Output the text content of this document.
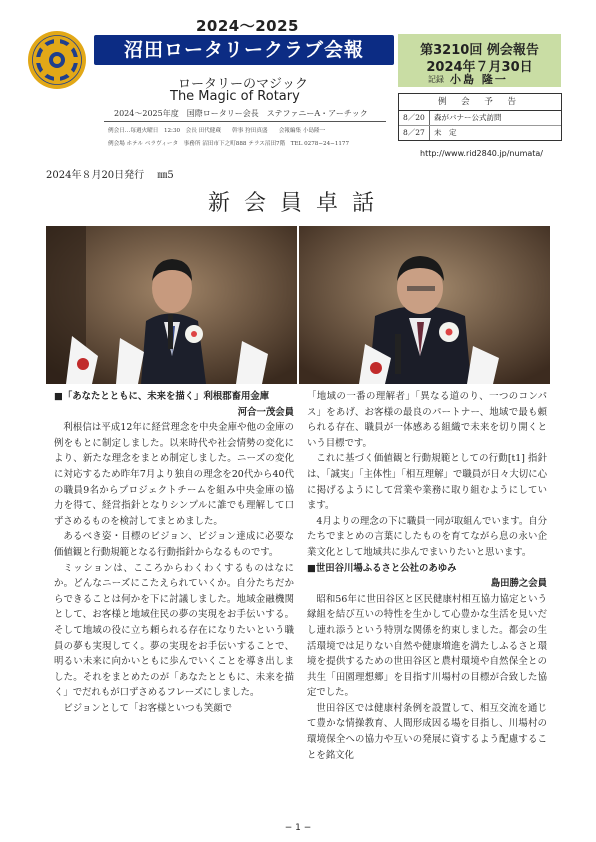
2024〜2025
沼田ロータリークラブ会報
ロータリーのマジック
The Magic of Rotary
2024〜2025年度　国際ロータリー会長　ステファニーA・アーチック
例会日…毎週火曜日　12:30　会長 田代健蔵　　幹事 狩田真盛　　会報編集 小島隆一
例会場 ホテル ベラヴィータ　事務所 沼田市下之町888 テラス沼田7階　TEL 0278−24−1177
第3210回 例会報告
2024年７月30日
記録 小島 隆一
例 会 予 告
8／20 森がバナー公式訪問
8／27 未　定
http://www.rid2840.jp/numata/
2024年８月20日発行　 ㎜5
新会員卓話

■「あなたとともに、未来を描く」利根郡畜用金庫

河合一茂会員

利根信は平成12年に経営理念を中央金庫や他の金庫の例をもとに制定しました。以来時代や社会情勢の変化により、新たな理念をまとめ制定しました。ニーズの変化に対応するため昨年7月より独自の理念を20代から40代の職員9名からプロジェクトチームを組み中央金庫の協力を得て、経営指針となりシンプルに誰でも理解して口ずさめるものを検討してまとめました。

あるべき姿・目標のビジョン、ビジョン達成に必要な価値観と行動規範となる行動指針からなるものです。

ミッションは、こころからわくわくするものはなにか。どんなニーズにこたえられていくか。自分たちだからできることは何かを下に討議しました。地域金融機関として、お客様と地域住民の夢の実現をお手伝いする。そして地域の役に立ち頼られる存在になりたいという職員の夢も実現してく。夢の実現をお手伝いすることで、明るい未来に向かいともに歩んでいくことを導き出しました。それをまとめたのが「あなたとともに、未来を描く」でだれもが口ずさめるフレーズにしました。

ビジョンとして「お客様といつも笑顔で

「地域の一番の理解者」「異なる道のり、一つのコンパス」をあげ、お客様の最良のパートナー、地域で最も頼られる存在、職員が一体感ある組織で未来を切り開くという目標です。

これに基づく価値観と行動規範としての行動[t1] 指針は、「誠実」「主体性」「相互理解」で職員が日々大切に心に掲げるようにして営業や業務に取り組むようにしています。

4月よりの理念の下に職員一同が取組んでいます。自分たちでまとめの言葉にしたものを育てながら息の永い企業文化として地域共に歩んでまいりたいと思います。

■世田谷川場ふるさと公社のあゆみ

島田勝之会員

昭和56年に世田谷区と区民健康村相互協力協定という縁組を結び互いの特性を生かして心豊かな生活を見いだし連れ添うという特別な関係を約束しました。都会の生活環境では足りない自然や健康増進を満たしふるさと環境を提供するための世田谷区と農村環境や自然保全との共生「田園理想郷」を目指す川場村の目標が合致した協定でした。

世田谷区では健康村条例を設置して、相互交流を通じて豊かな情操教育、人間形成因る場を目指し、川場村の環境保全への協力や互いの発展に資するよう配慮することを銘文化

− 1 −
